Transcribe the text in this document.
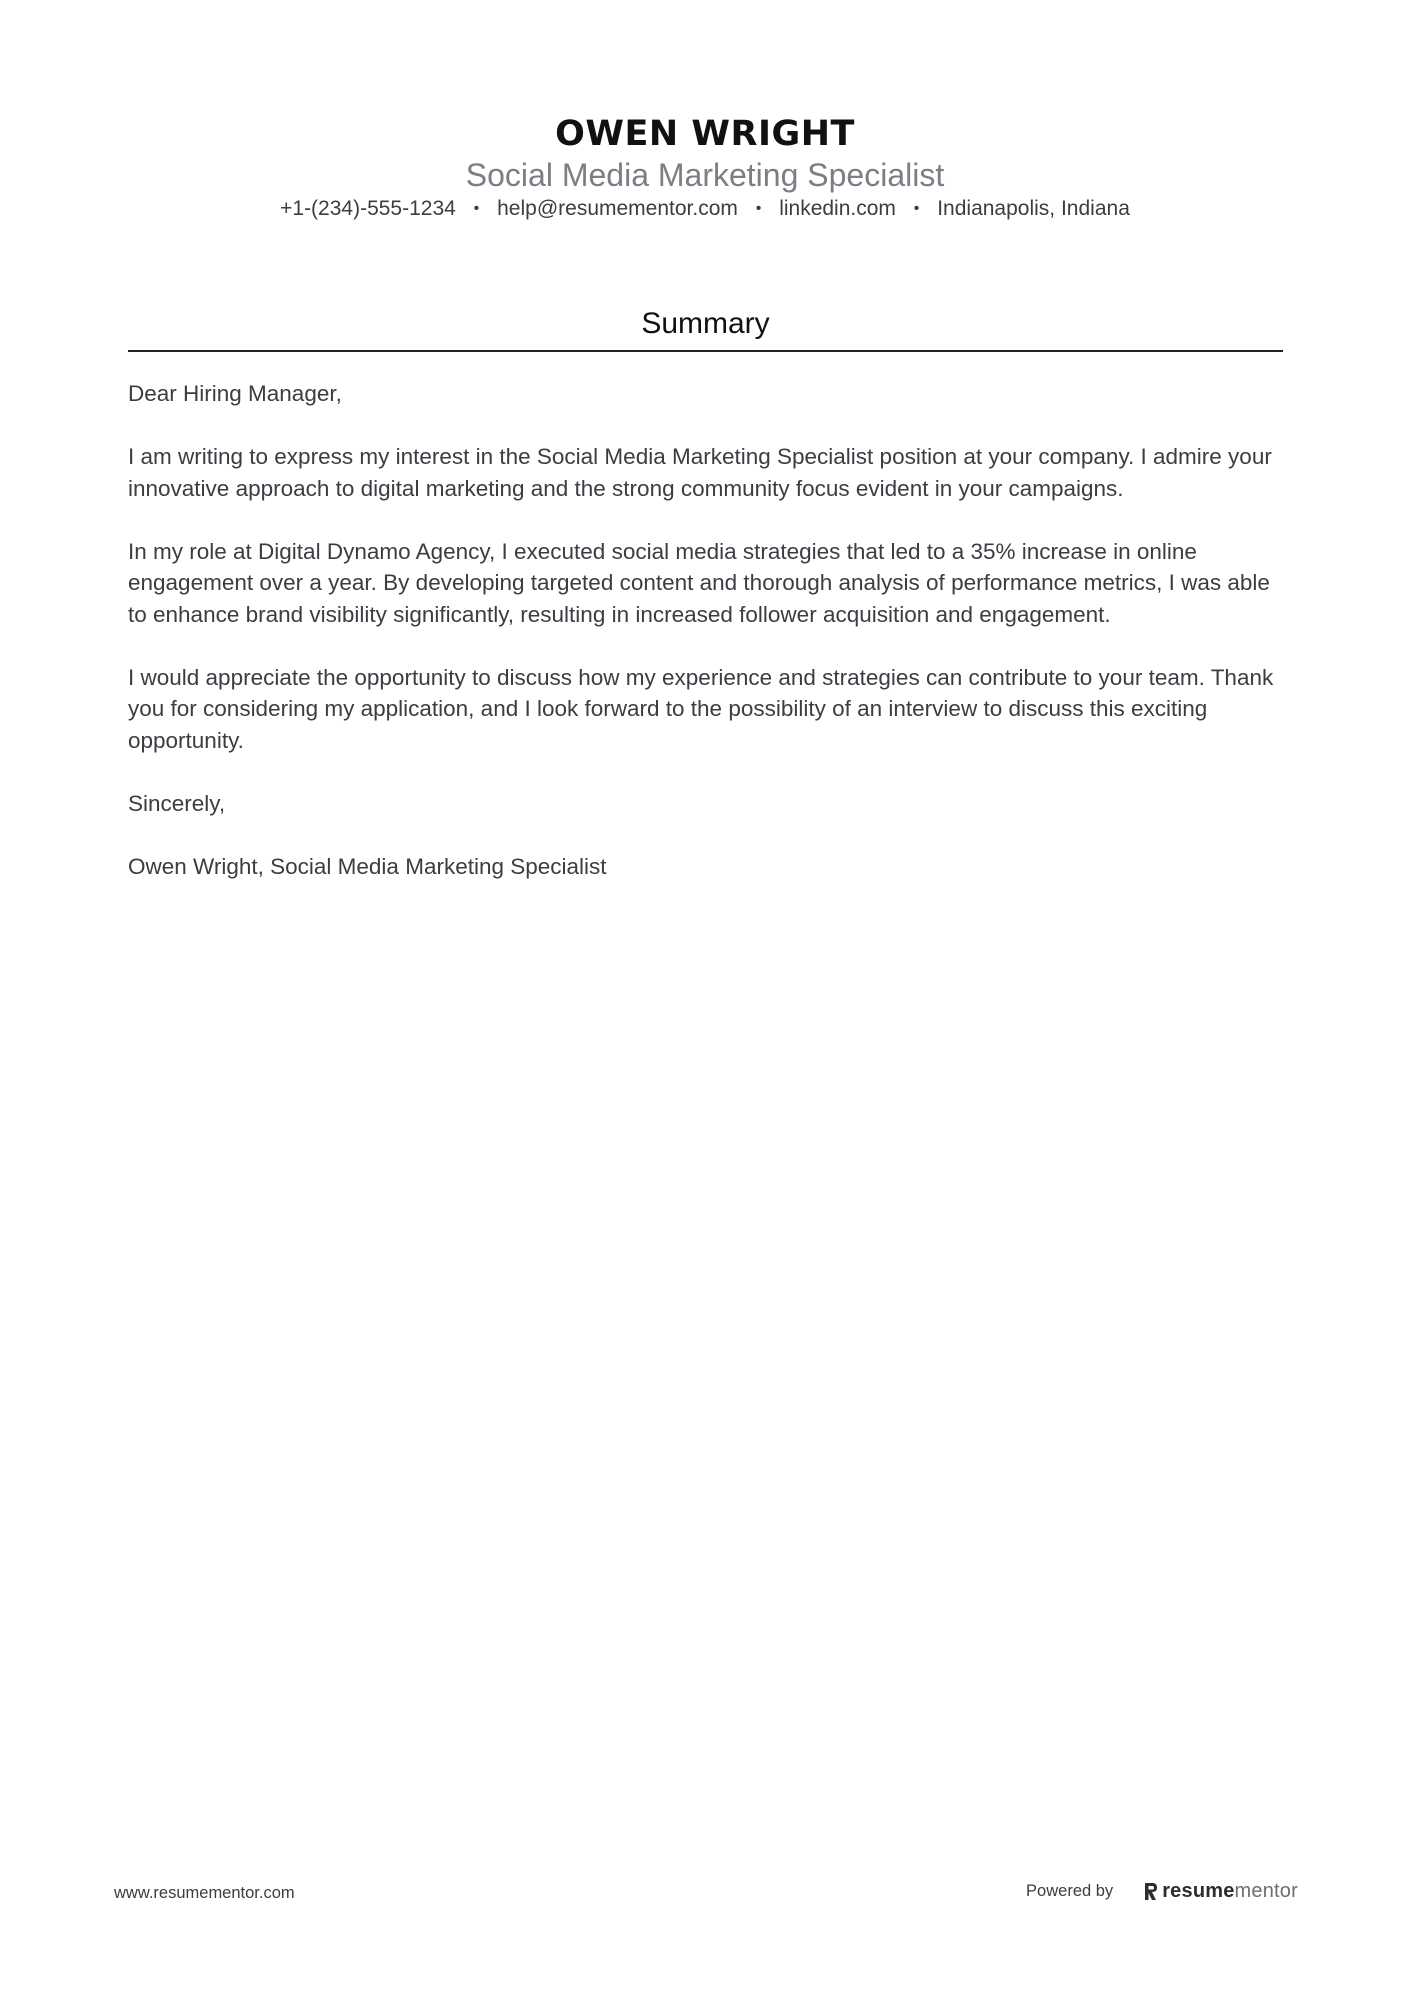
OWEN WRIGHT
Social Media Marketing Specialist
+1-(234)-555-1234 • help@resumementor.com • linkedin.com • Indianapolis, Indiana
Summary

Dear Hiring Manager,

I am writing to express my interest in the Social Media Marketing Specialist position at your company. I admire your innovative approach to digital marketing and the strong community focus evident in your campaigns.

In my role at Digital Dynamo Agency, I executed social media strategies that led to a 35% increase in online engagement over a year. By developing targeted content and thorough analysis of performance metrics, I was able to enhance brand visibility significantly, resulting in increased follower acquisition and engagement.

I would appreciate the opportunity to discuss how my experience and strategies can contribute to your team. Thank you for considering my application, and I look forward to the possibility of an interview to discuss this exciting opportunity.

Sincerely,

Owen Wright, Social Media Marketing Specialist

www.resumementor.com	Powered by resume mentor
